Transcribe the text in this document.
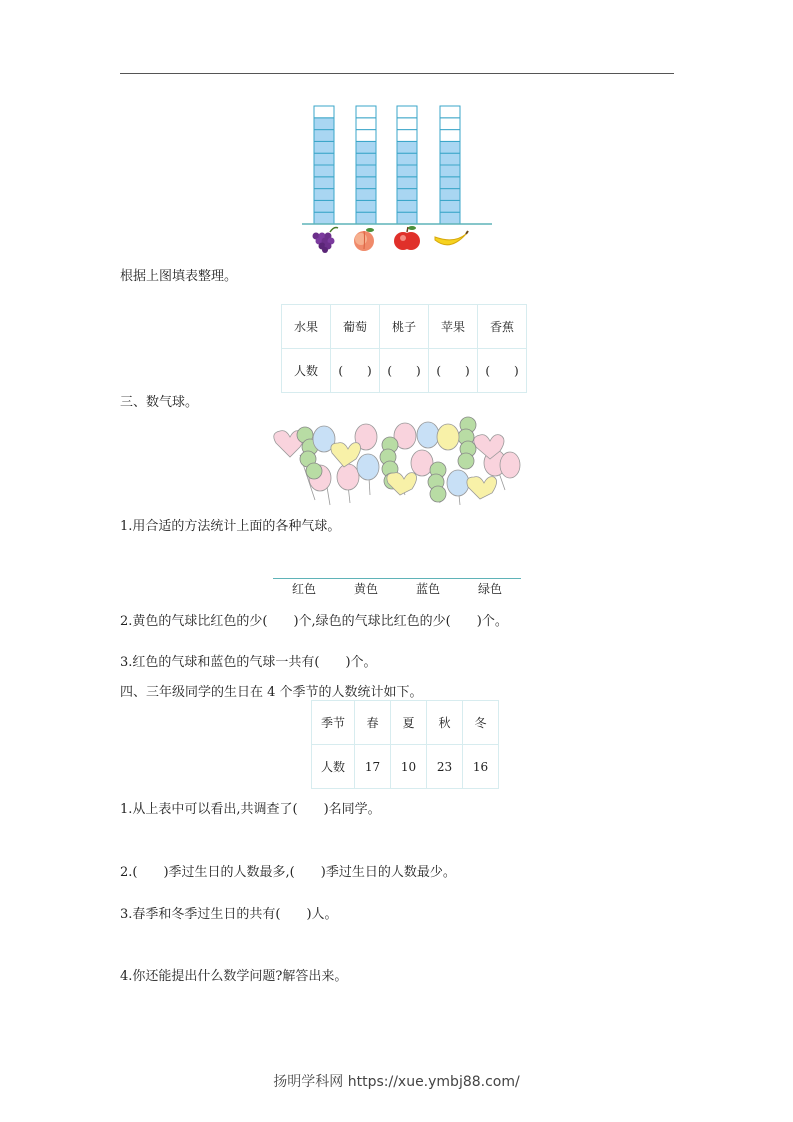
根据上图填表整理。
水果	葡萄	桃子	苹果	香蕉
人数	(　　)	(　　)	(　　)	(　　)
三、数气球。
1.用合适的方法统计上面的各种气球。
红色	黄色	蓝色	绿色
2.黄色的气球比红色的少(　　)个,绿色的气球比红色的少(　　)个。
3.红色的气球和蓝色的气球一共有(　　)个。
四、三年级同学的生日在 4 个季节的人数统计如下。
季节	春	夏	秋	冬
人数	17	10	23	16
1.从上表中可以看出,共调查了(　　)名同学。
2.(　　)季过生日的人数最多,(　　)季过生日的人数最少。
3.春季和冬季过生日的共有(　　)人。
4.你还能提出什么数学问题?解答出来。
扬明学科网 https://xue.ymbj88.com/
